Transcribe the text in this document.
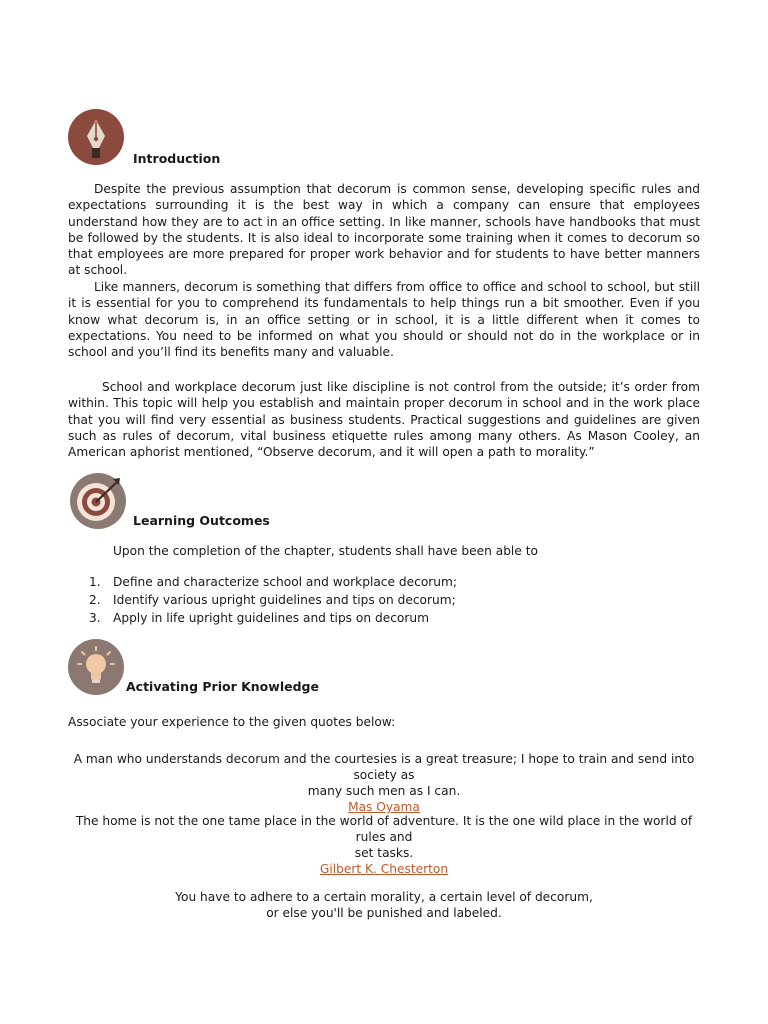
Introduction

Despite the previous assumption that decorum is common sense, developing specific rules and expectations surrounding it is the best way in which a company can ensure that employees understand how they are to act in an office setting. In like manner, schools have handbooks that must be followed by the students. It is also ideal to incorporate some training when it comes to decorum so that employees are more prepared for proper work behavior and for students to have better manners at school.

Like manners, decorum is something that differs from office to office and school to school, but still it is essential for you to comprehend its fundamentals to help things run a bit smoother. Even if you know what decorum is, in an office setting or in school, it is a little different when it comes to expectations. You need to be informed on what you should or should not do in the workplace or in school and you’ll find its benefits many and valuable.

School and workplace decorum just like discipline is not control from the outside; it’s order from within. This topic will help you establish and maintain proper decorum in school and in the work place that you will find very essential as business students. Practical suggestions and guidelines are given such as rules of decorum, vital business etiquette rules among many others. As Mason Cooley, an American aphorist mentioned, “Observe decorum, and it will open a path to morality.”

Learning Outcomes
Upon the completion of the chapter, students shall have been able to
1. Define and characterize school and workplace decorum;
2. Identify various upright guidelines and tips on decorum;
3. Apply in life upright guidelines and tips on decorum
Activating Prior Knowledge
Associate your experience to the given quotes below:
A man who understands decorum and the courtesies is a great treasure; I hope to train and send into society as
many such men as I can.
Mas Oyama
The home is not the one tame place in the world of adventure. It is the one wild place in the world of rules and
set tasks.
Gilbert K. Chesterton
You have to adhere to a certain morality, a certain level of decorum,
or else you'll be punished and labeled.
